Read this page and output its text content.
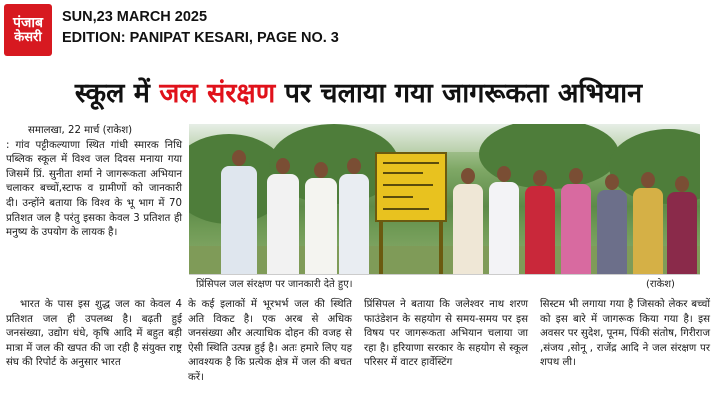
पंजाब
केसरी
SUN,23 MARCH 2025
EDITION: PANIPAT KESARI, PAGE NO. 3
स्कूल में जल संरक्षण पर चलाया गया जागरूकता अभियान

समालखा, 22 मार्च (राकेश)

: गांव पट्टीकल्याणा स्थित गांधी स्मारक निधि पब्लिक स्कूल में विश्व जल दिवस मनाया गया जिसमें प्रिं. सुनीता शर्मा ने जागरूकता अभियान चलाकर बच्चों,स्टाफ व ग्रामीणों को जानकारी दी। उन्होंने बताया कि विश्व के भू भाग में 70 प्रतिशत जल है परंतु इसका केवल 3 प्रतिशत ही मनुष्य के उपयोग के लायक है।

प्रिंसिपल जल संरक्षण पर जानकारी देते हुए।	(राकेश)

भारत के पास इस शुद्ध जल का केवल 4 प्रतिशत जल ही उपलब्ध है। बढ़ती हुई जनसंख्या, उद्योग धंधे, कृषि आदि में बहुत बड़ी मात्रा में जल की खपत की जा रही है संयुक्त राष्ट्र संघ की रिपोर्ट के अनुसार भारत

के कई इलाकों में भूरभर्भ जल की स्थिति अति विकट है। एक अरब से अधिक जनसंख्या और अत्याधिक दोहन की वजह से ऐसी स्थिति उत्पन्न हुई है। अतः हमारे लिए यह आवश्यक है कि प्रत्येक क्षेत्र में जल की बचत करें।

प्रिंसिपल ने बताया कि जलेश्वर नाथ शरण फाउंडेशन के सहयोग से समय-समय पर इस विषय पर जागरूकता अभियान चलाया जा रहा है। हरियाणा सरकार के सहयोग से स्कूल परिसर में वाटर हार्वेस्टिंग

सिस्टम भी लगाया गया है जिसको लेकर बच्चों को इस बारे में जागरूक किया गया है। इस अवसर पर सुदेश, पूनम, पिंकी संतोष, गिरीराज ,संजय ,सोनू , राजेंद्र आदि ने जल संरक्षण पर शपथ ली।
